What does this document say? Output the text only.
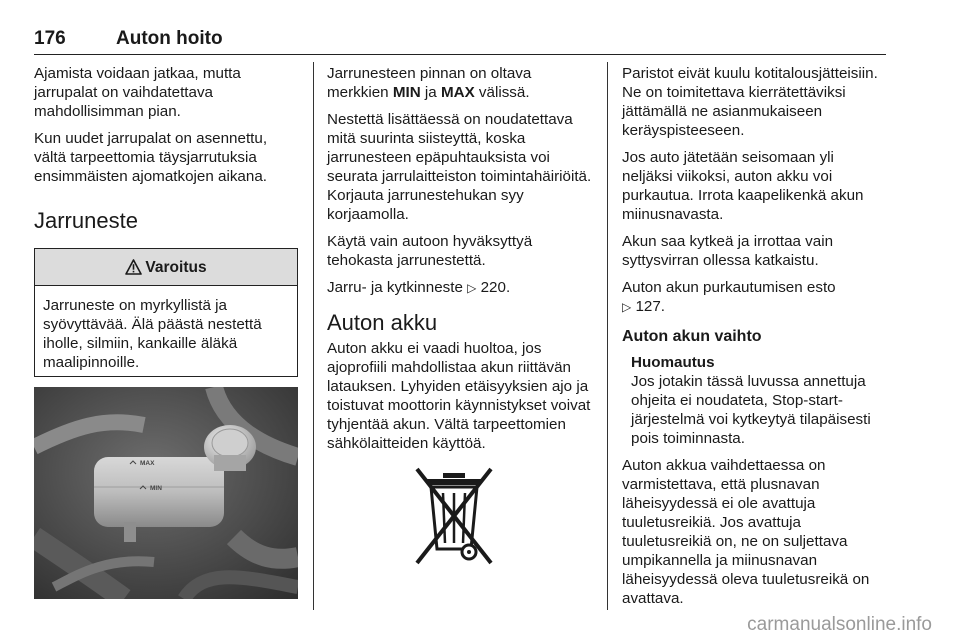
176	Auton hoito

Ajamista voidaan jatkaa, mutta jarrupalat on vaihdatettava mahdollisimman pian.

Kun uudet jarrupalat on asennettu, vältä tarpeettomia täysjarrutuksia ensimmäisten ajomatkojen aikana.

Jarruneste
Varoitus
Jarruneste on myrkyllistä ja syövyttävää. Älä päästä nestettä iholle, silmiin, kankaille äläkä maalipinnoille.
MAX
MIN

Jarrunesteen pinnan on oltava merkkien MIN ja MAX välissä.

Nestettä lisättäessä on noudatettava mitä suurinta siisteyttä, koska jarrunesteen epäpuhtauksista voi seurata jarrulaitteiston toimintahäiriöitä. Korjauta jarrunestehukan syy korjaamolla.

Käytä vain autoon hyväksyttyä tehokasta jarrunestettä.

Jarru- ja kytkinneste ▷ 220.

Auton akku

Auton akku ei vaadi huoltoa, jos ajoprofiili mahdollistaa akun riittävän latauksen. Lyhyiden etäisyyksien ajo ja toistuvat moottorin käynnistykset voivat tyhjentää akun. Vältä tarpeettomien sähkölaitteiden käyttöä.

Paristot eivät kuulu kotitalousjätteisiin. Ne on toimitettava kierrätettäviksi jättämällä ne asianmukaiseen keräyspisteeseen.

Jos auto jätetään seisomaan yli neljäksi viikoksi, auton akku voi purkautua. Irrota kaapelikenkä akun miinusnavasta.

Akun saa kytkeä ja irrottaa vain syttysvirran ollessa katkaistu.

Auton akun purkautumisen esto
▷ 127.

Auton akun vaihto
Huomautus

Jos jotakin tässä luvussa annettuja ohjeita ei noudateta, Stop-start-järjestelmä voi kytkeytyä tilapäisesti pois toiminnasta.

Auton akkua vaihdettaessa on varmistettava, että plusnavan läheisyydessä ei ole avattuja tuuletusreikiä. Jos avattuja tuuletusreikiä on, ne on suljettava umpikannella ja miinusnavan läheisyydessä oleva tuuletusreikä on avattava.

carmanualsonline.info
